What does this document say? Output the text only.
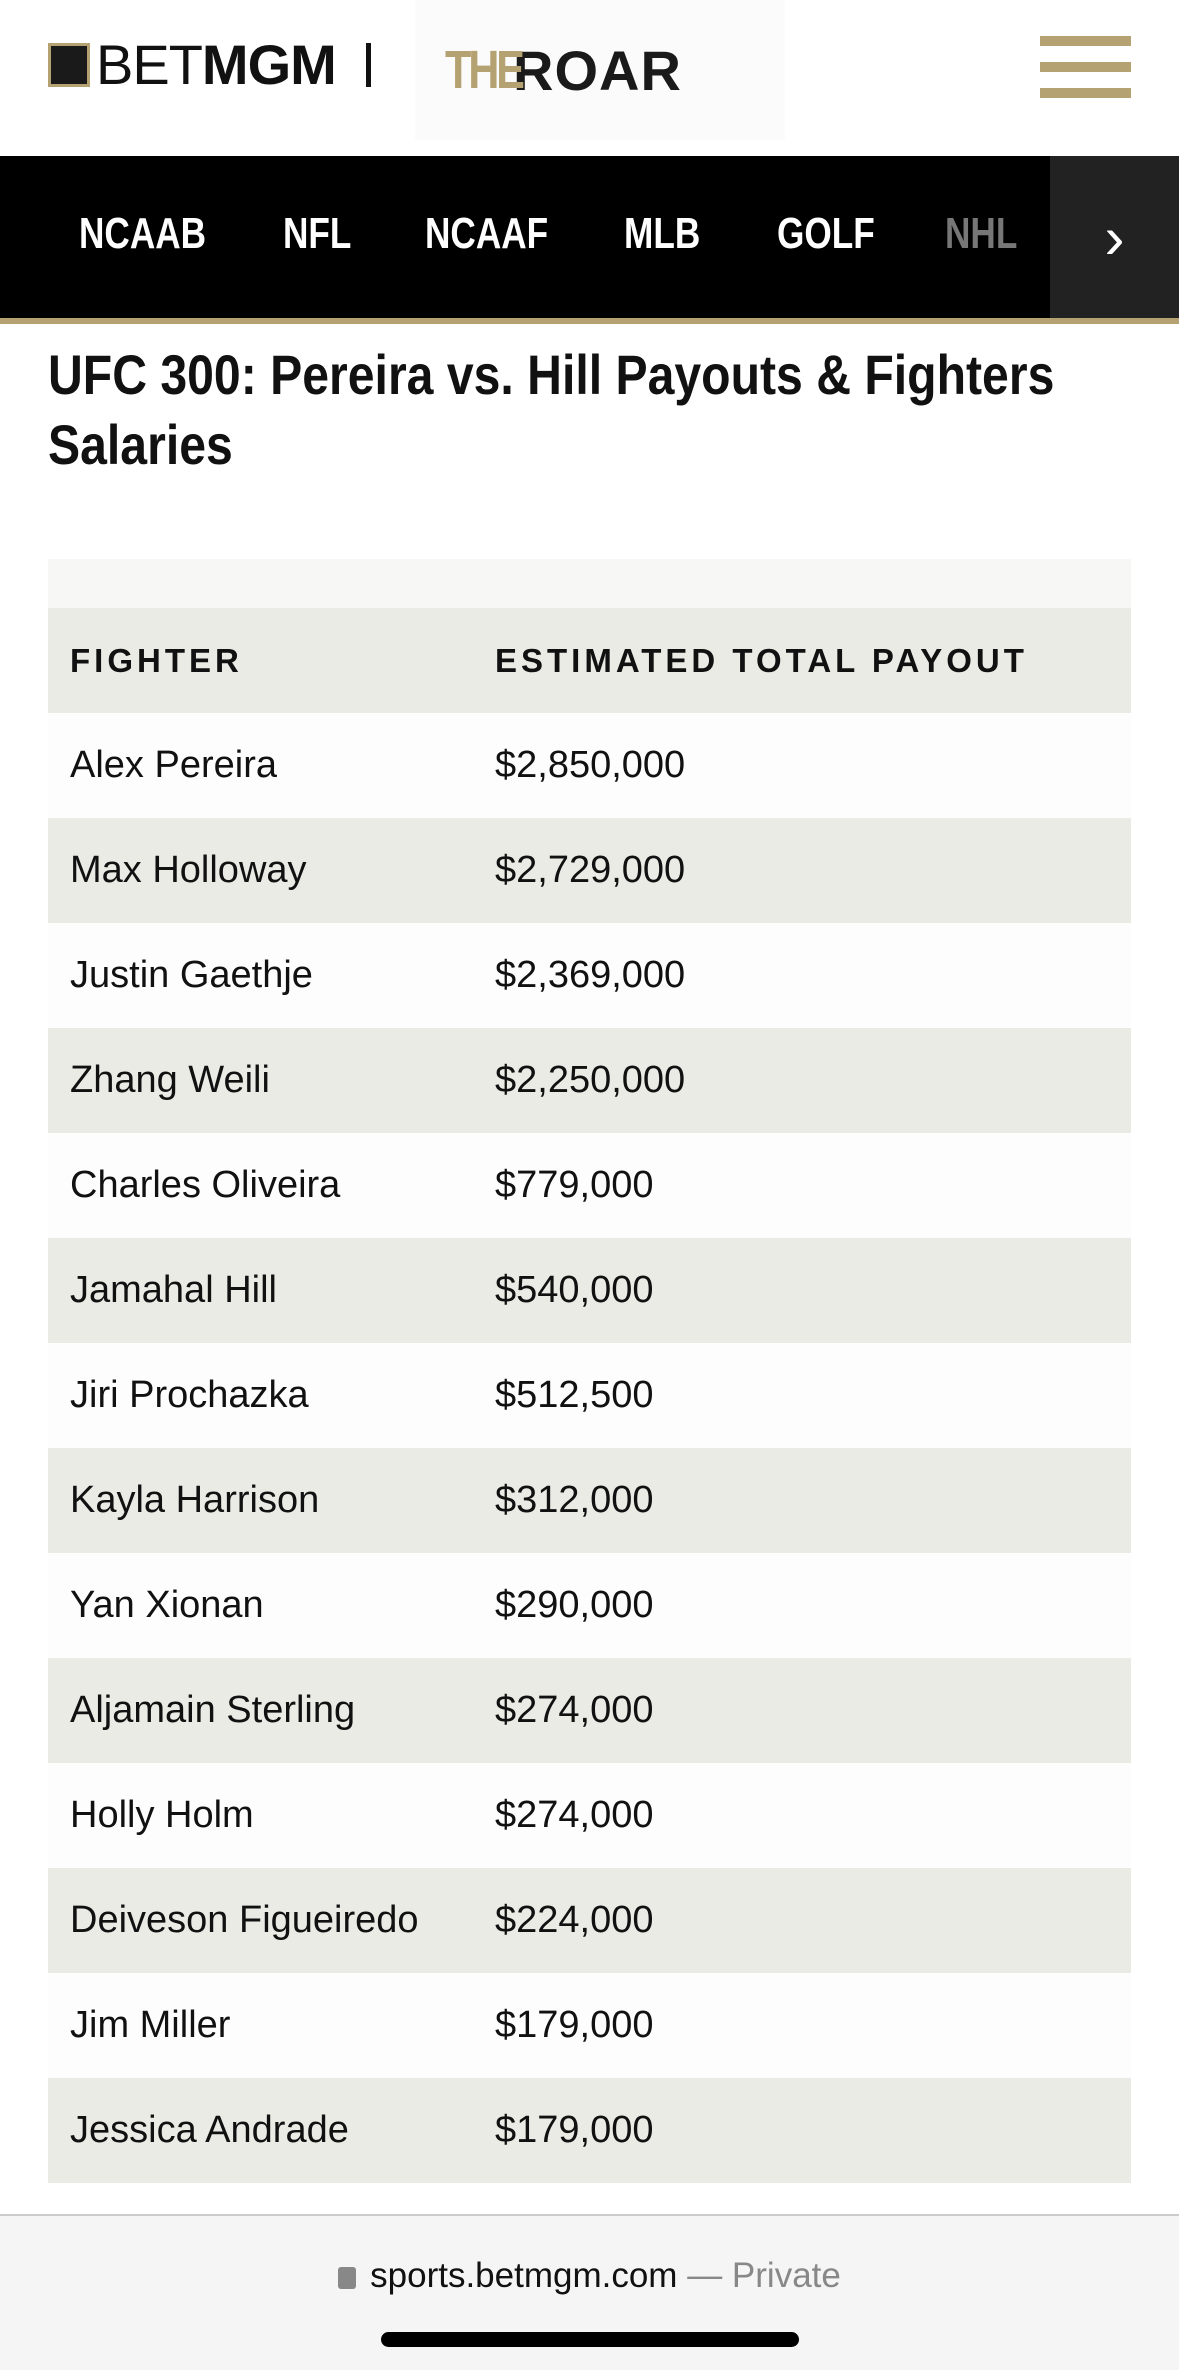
BET MGM THE
ROAR
NCAAB NFL NCAAF MLB GOLF NHL	›
UFC 300: Pereira vs. Hill Payouts & Fighters Salaries
FIGHTER	ESTIMATED TOTAL PAYOUT
Alex Pereira	$2,850,000
Max Holloway	$2,729,000
Justin Gaethje	$2,369,000
Zhang Weili	$2,250,000
Charles Oliveira	$779,000
Jamahal Hill	$540,000
Jiri Prochazka	$512,500
Kayla Harrison	$312,000
Yan Xionan	$290,000
Aljamain Sterling	$274,000
Holly Holm	$274,000
Deiveson Figueiredo	$224,000
Jim Miller	$179,000
Jessica Andrade	$179,000
sports.betmgm.com — Private
